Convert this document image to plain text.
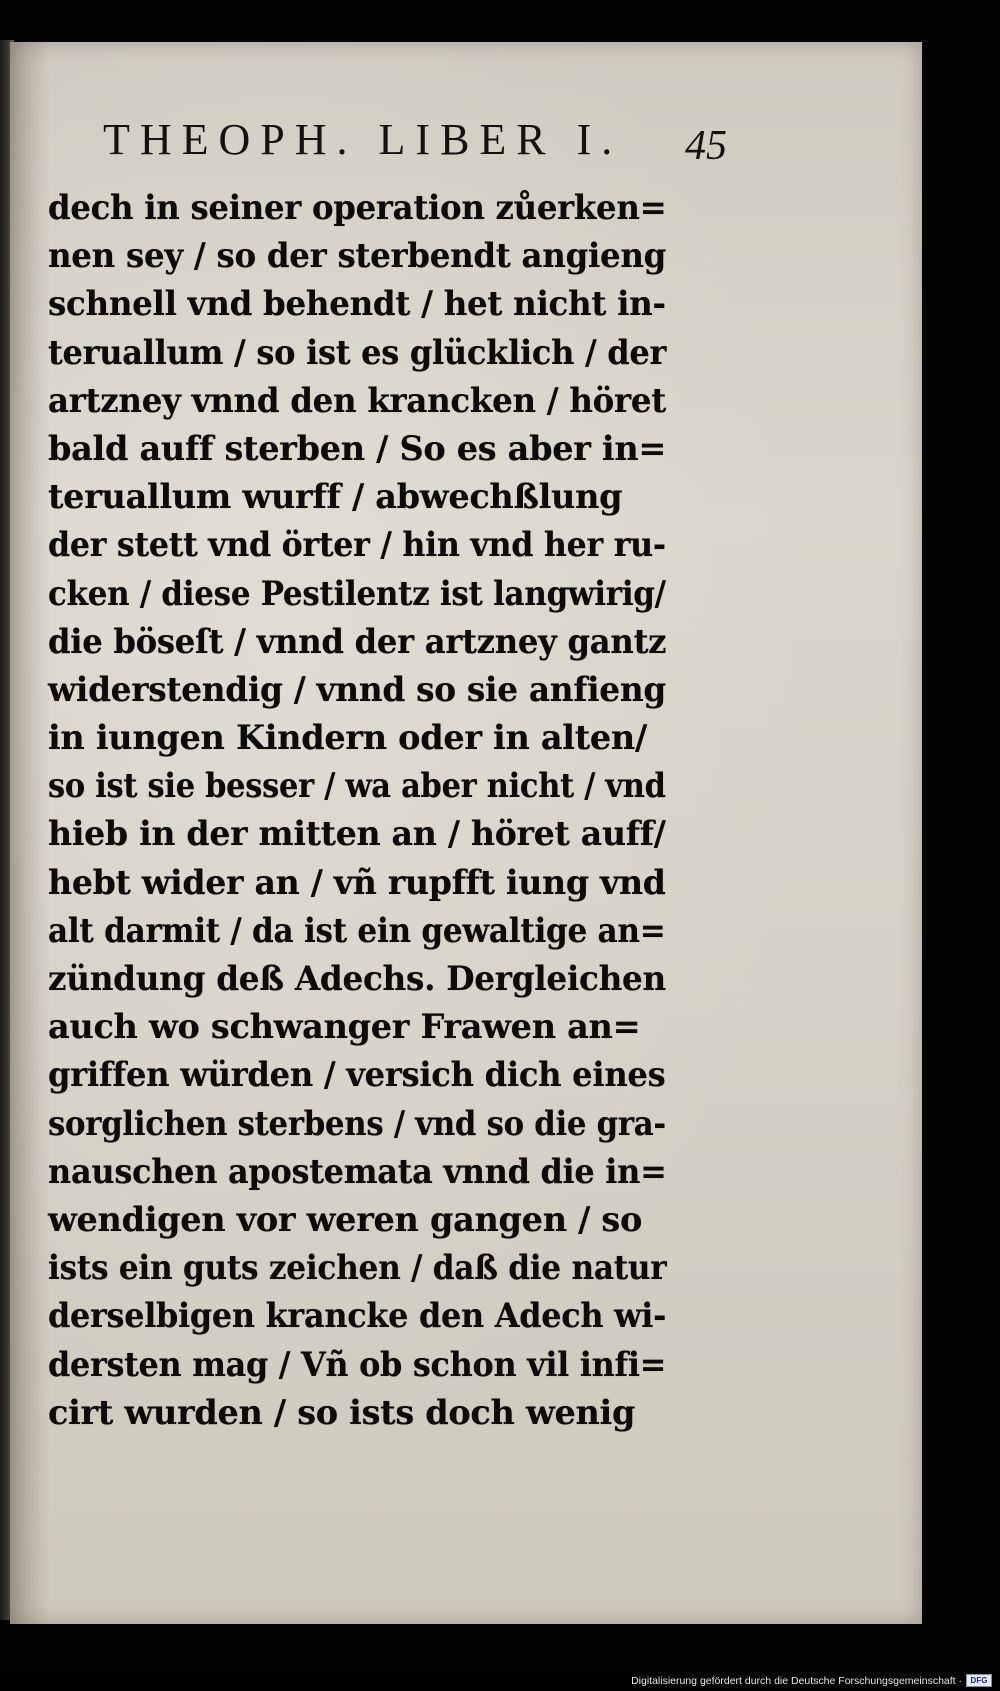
THEOPH. LIBER I. 45
dech in seiner operation zůerken=
nen sey / so der sterbendt angieng
schnell vnd behendt / het nicht in-
teruallum / so ist es glücklich / der
artzney vnnd den krancken / höret
bald auff sterben / So es aber in=
teruallum wurff / abwechßlung
der stett vnd örter / hin vnd her ru-
cken / diese Pestilentz ist langwirig/
die böseſt / vnnd der artzney gantz
widerstendig / vnnd so sie anfieng
in iungen Kindern oder in alten/
so ist sie besser / wa aber nicht / vnd
hieb in der mitten an / höret auff/
hebt wider an / vñ rupfft iung vnd
alt darmit / da ist ein gewaltige an=
zündung deß Adechs. Dergleichen
auch wo schwanger Frawen an=
griffen würden / versich dich eines
sorglichen sterbens / vnd so die gra-
nauschen apostemata vnnd die in=
wendigen vor weren gangen / so
ists ein guts zeichen / daß die natur
derselbigen krancke den Adech wi-
dersten mag / Vñ ob schon vil infi=
cirt wurden / so ists doch wenig
Digitalisierung gefördert durch die Deutsche Forschungsgemeinschaft ·	DFG
